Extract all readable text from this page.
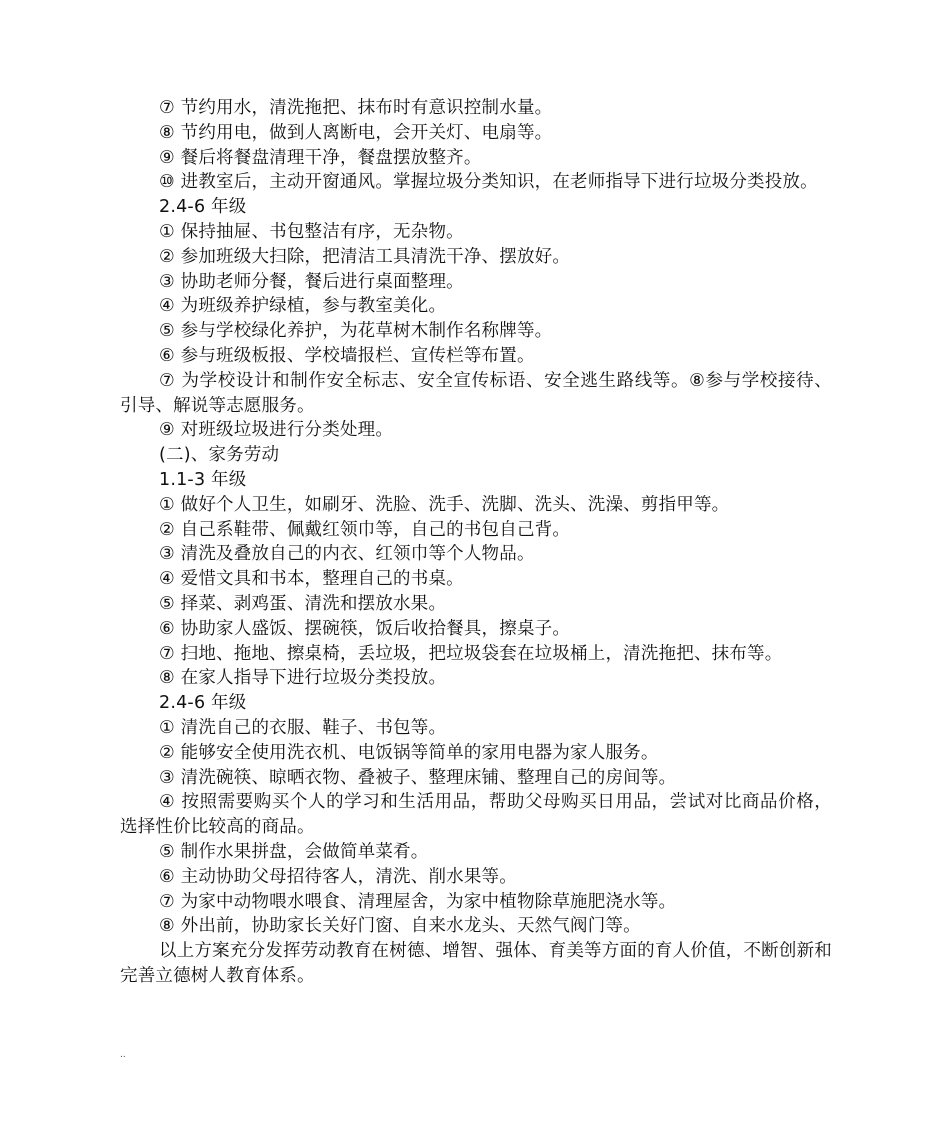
⑦ 节约用水，清洗拖把、抹布时有意识控制水量。

⑧ 节约用电，做到人离断电，会开关灯、电扇等。

⑨ 餐后将餐盘清理干净，餐盘摆放整齐。

⑩ 进教室后，主动开窗通风。掌握垃圾分类知识，在老师指导下进行垃圾分类投放。

2.4-6 年级

① 保持抽屉、书包整洁有序，无杂物。

② 参加班级大扫除，把清洁工具清洗干净、摆放好。

③ 协助老师分餐，餐后进行桌面整理。

④ 为班级养护绿植，参与教室美化。

⑤ 参与学校绿化养护，为花草树木制作名称牌等。

⑥ 参与班级板报、学校墙报栏、宣传栏等布置。

⑦ 为学校设计和制作安全标志、安全宣传标语、安全逃生路线等。⑧参与学校接待、引导、解说等志愿服务。

⑨ 对班级垃圾进行分类处理。

(二)、家务劳动

1.1-3 年级

① 做好个人卫生，如刷牙、洗脸、洗手、洗脚、洗头、洗澡、剪指甲等。

② 自己系鞋带、佩戴红领巾等，自己的书包自己背。

③ 清洗及叠放自己的内衣、红领巾等个人物品。

④ 爱惜文具和书本，整理自己的书桌。

⑤ 择菜、剥鸡蛋、清洗和摆放水果。

⑥ 协助家人盛饭、摆碗筷，饭后收拾餐具，擦桌子。

⑦ 扫地、拖地、擦桌椅，丢垃圾，把垃圾袋套在垃圾桶上，清洗拖把、抹布等。

⑧ 在家人指导下进行垃圾分类投放。

2.4-6 年级

① 清洗自己的衣服、鞋子、书包等。

② 能够安全使用洗衣机、电饭锅等简单的家用电器为家人服务。

③ 清洗碗筷、晾晒衣物、叠被子、整理床铺、整理自己的房间等。

④ 按照需要购买个人的学习和生活用品，帮助父母购买日用品，尝试对比商品价格，选择性价比较高的商品。

⑤ 制作水果拼盘，会做简单菜肴。

⑥ 主动协助父母招待客人，清洗、削水果等。

⑦ 为家中动物喂水喂食、清理屋舍，为家中植物除草施肥浇水等。

⑧ 外出前，协助家长关好门窗、自来水龙头、天然气阀门等。

以上方案充分发挥劳动教育在树德、增智、强体、育美等方面的育人价值，不断创新和完善立德树人教育体系。

..
